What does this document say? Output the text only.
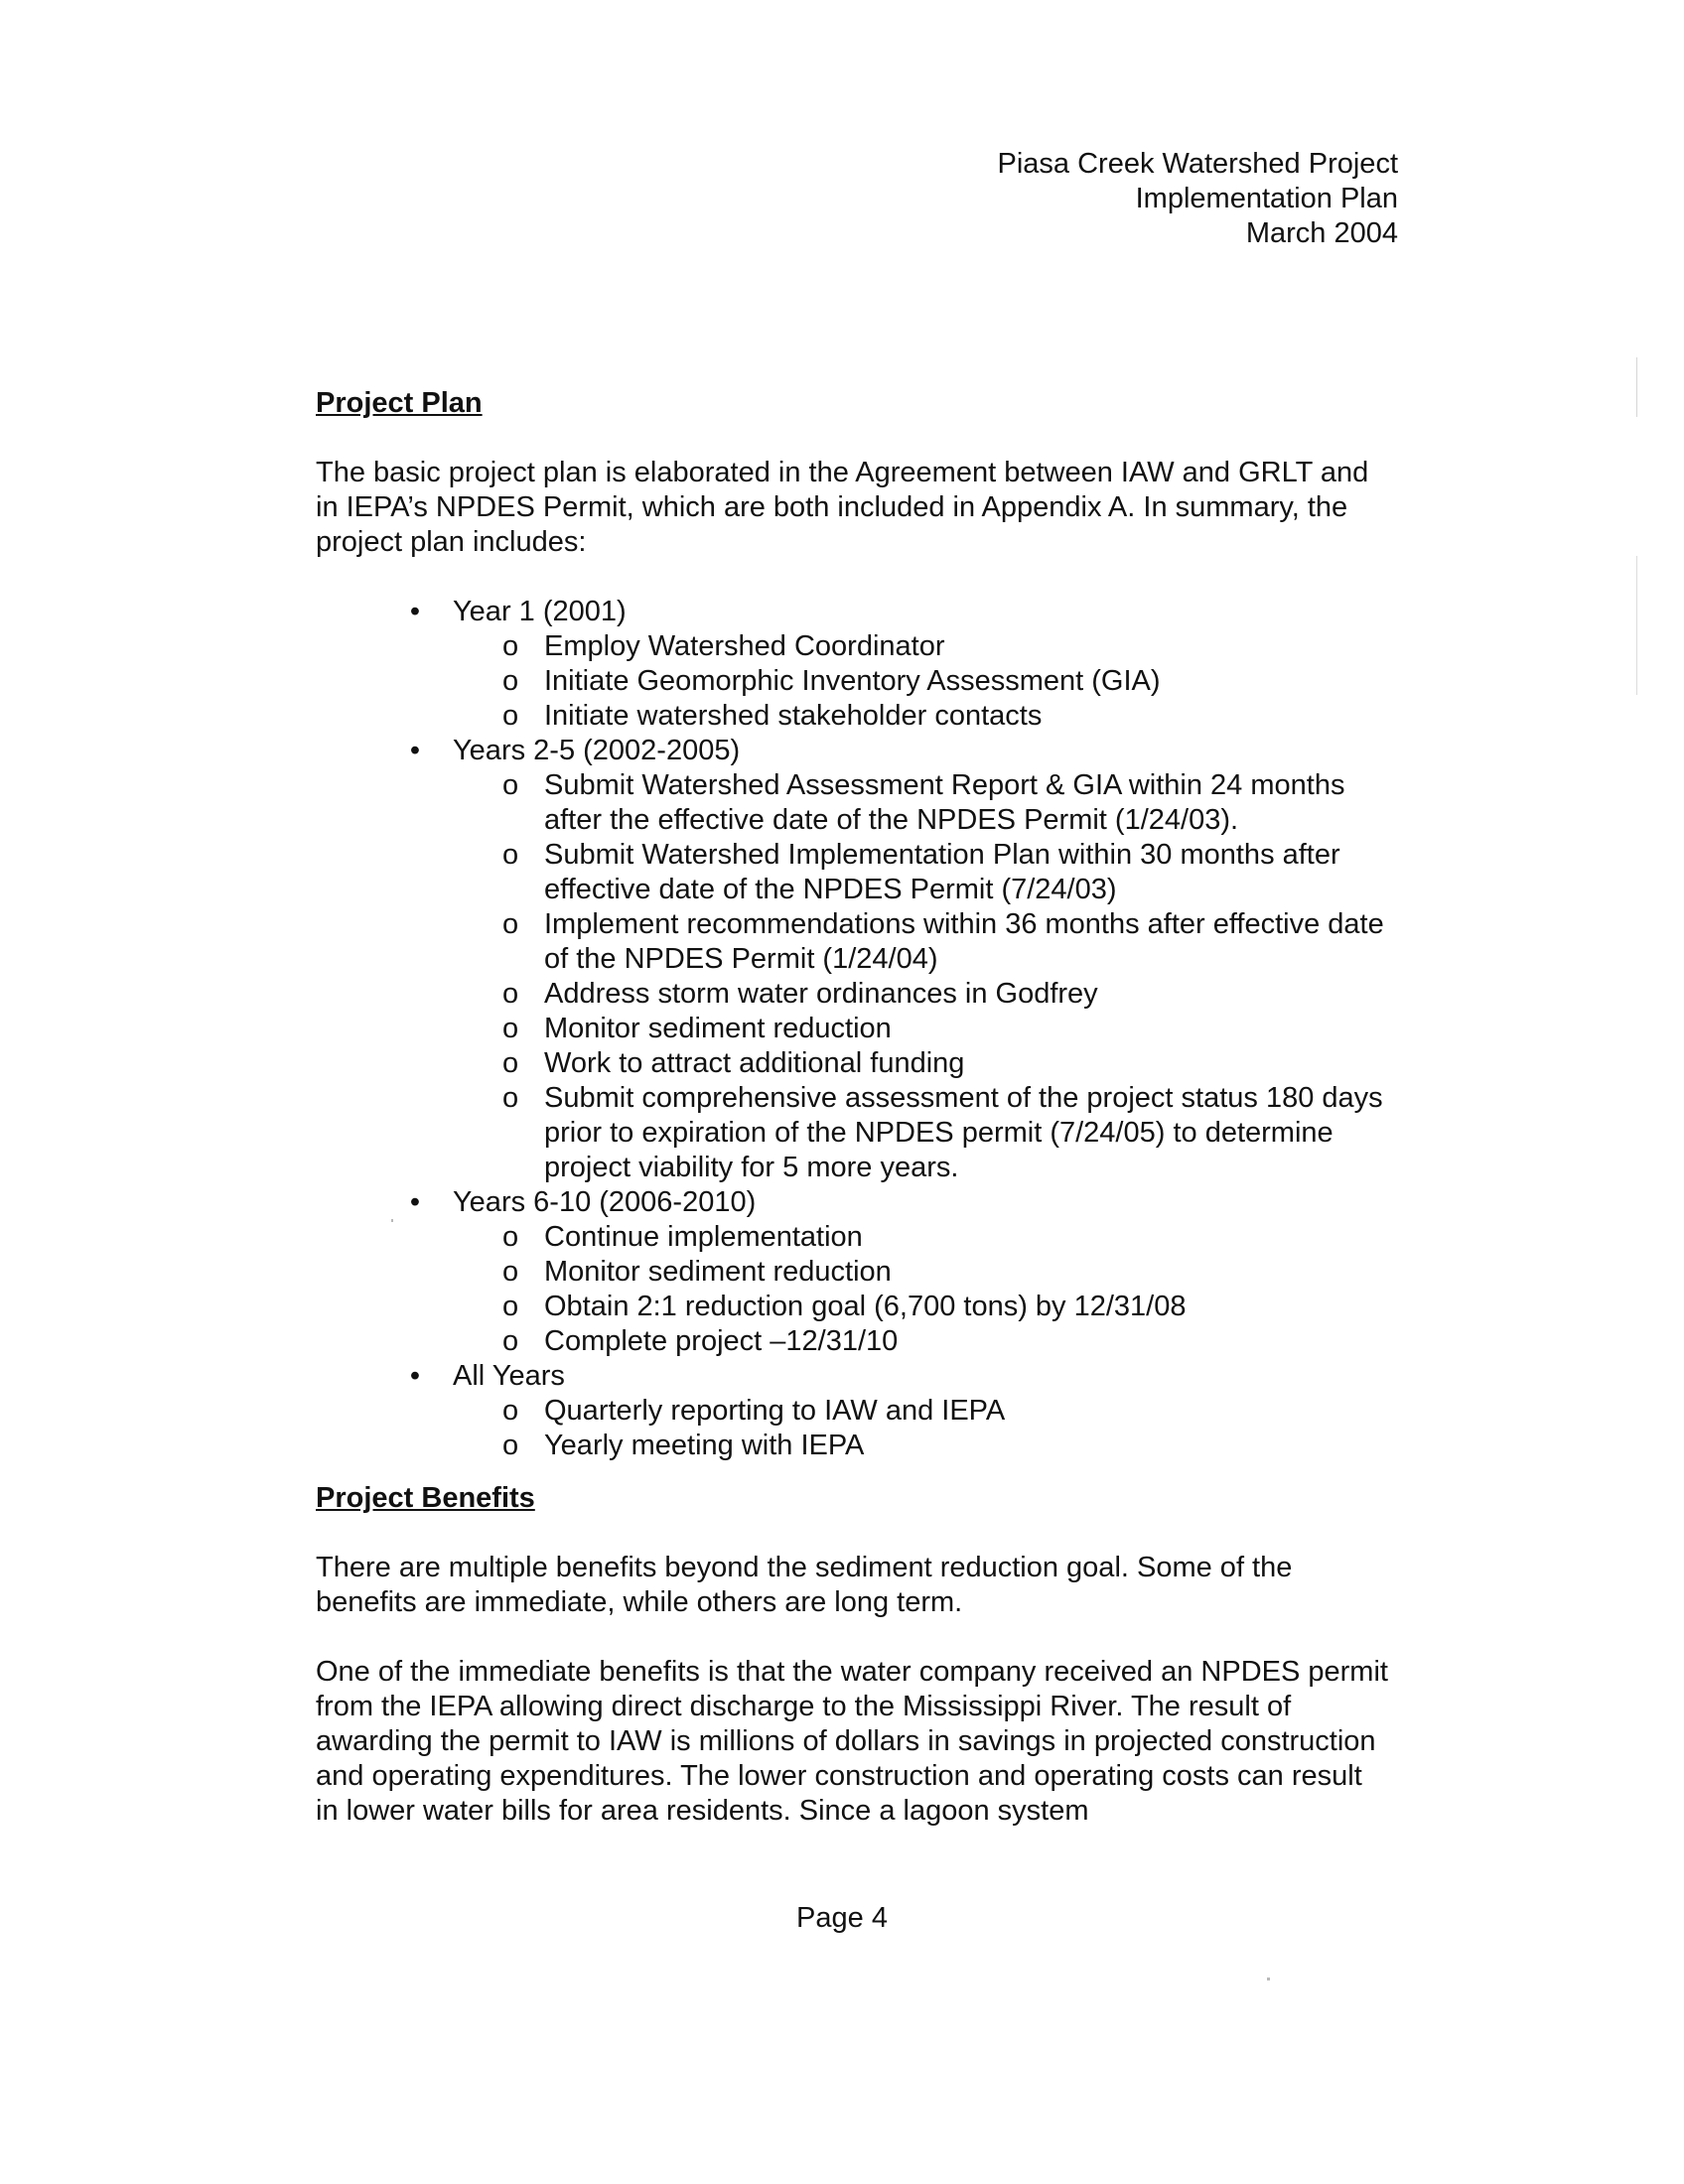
Piasa Creek Watershed Project
Implementation Plan
March 2004
Project Plan

The basic project plan is elaborated in the Agreement between IAW and GRLT and in IEPA’s NPDES Permit, which are both included in Appendix A. In summary, the project plan includes:

• Year 1 (2001)
o Employ Watershed Coordinator
o Initiate Geomorphic Inventory Assessment (GIA)
o Initiate watershed stakeholder contacts
• Years 2-5 (2002-2005)
o Submit Watershed Assessment Report & GIA within 24 months after the effective date of the NPDES Permit (1/24/03).
o Submit Watershed Implementation Plan within 30 months after effective date of the NPDES Permit (7/24/03)
o Implement recommendations within 36 months after effective date of the NPDES Permit (1/24/04)
o Address storm water ordinances in Godfrey
o Monitor sediment reduction
o Work to attract additional funding
o Submit comprehensive assessment of the project status 180 days prior to expiration of the NPDES permit (7/24/05) to determine project viability for 5 more years.
• Years 6-10 (2006-2010)
o Continue implementation
o Monitor sediment reduction
o Obtain 2:1 reduction goal (6,700 tons) by 12/31/08
o Complete project –12/31/10
• All Years
o Quarterly reporting to IAW and IEPA
o Yearly meeting with IEPA
Project Benefits

There are multiple benefits beyond the sediment reduction goal. Some of the benefits are immediate, while others are long term.

One of the immediate benefits is that the water company received an NPDES permit from the IEPA allowing direct discharge to the Mississippi River. The result of awarding the permit to IAW is millions of dollars in savings in projected construction and operating expenditures. The lower construction and operating costs can result in lower water bills for area residents. Since a lagoon system

Page 4
